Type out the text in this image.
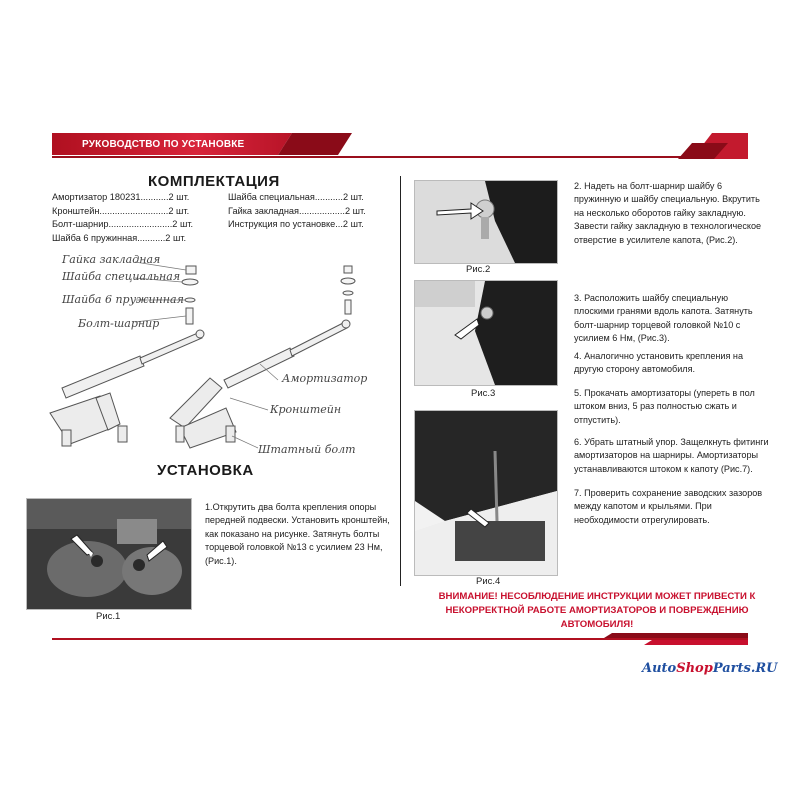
РУКОВОДСТВО ПО УСТАНОВКЕ
КОМПЛЕКТАЦИЯ
Амортизатор 180231...........2 шт.
Кронштейн...........................2 шт.
Болт-шарнир.........................2 шт.
Шайба 6 пружинная...........2 шт.
Шайба специальная...........2 шт.
Гайка закладная..................2 шт.
Инструкция по установке...2 шт.
Гайка закладная
Шайба специальная
Шайба 6 пружинная
Болт-шарнир
Амортизатор
Кронштейн
Штатный болт
УСТАНОВКА
Рис.1
1.Открутить два болта крепления опоры передней подвески. Установить кронштейн, как показано на рисунке. Затянуть болты торцевой головкой №13 с усилием 23 Нм, (Рис.1).
Рис.2
Рис.3
Рис.4
2. Надеть на болт-шарнир шайбу 6 пружинную и шайбу специальную. Вкрутить на несколько оборотов гайку закладную. Завести гайку закладную в технологическое отверстие в усилителе капота, (Рис.2).
3. Расположить шайбу специальную плоскими гранями вдоль капота. Затянуть болт-шарнир торцевой головкой №10 с усилием 6 Нм, (Рис.3).
4. Аналогично установить крепления на другую сторону автомобиля.
5. Прокачать амортизаторы (упереть в пол штоком вниз, 5 раз полностью сжать и отпустить).
6. Убрать штатный упор. Защелкнуть фитинги амортизаторов на шарниры. Амортизаторы устанавливаются штоком к капоту (Рис.7).
7. Проверить сохранение заводских зазоров между капотом и крыльями. При необходимости отрегулировать.
ВНИМАНИЕ! НЕСОБЛЮДЕНИЕ ИНСТРУКЦИИ МОЖЕТ ПРИВЕСТИ К НЕКОРРЕКТНОЙ РАБОТЕ АМОРТИЗАТОРОВ И ПОВРЕЖДЕНИЮ АВТОМОБИЛЯ!
AutoShopParts.RU
